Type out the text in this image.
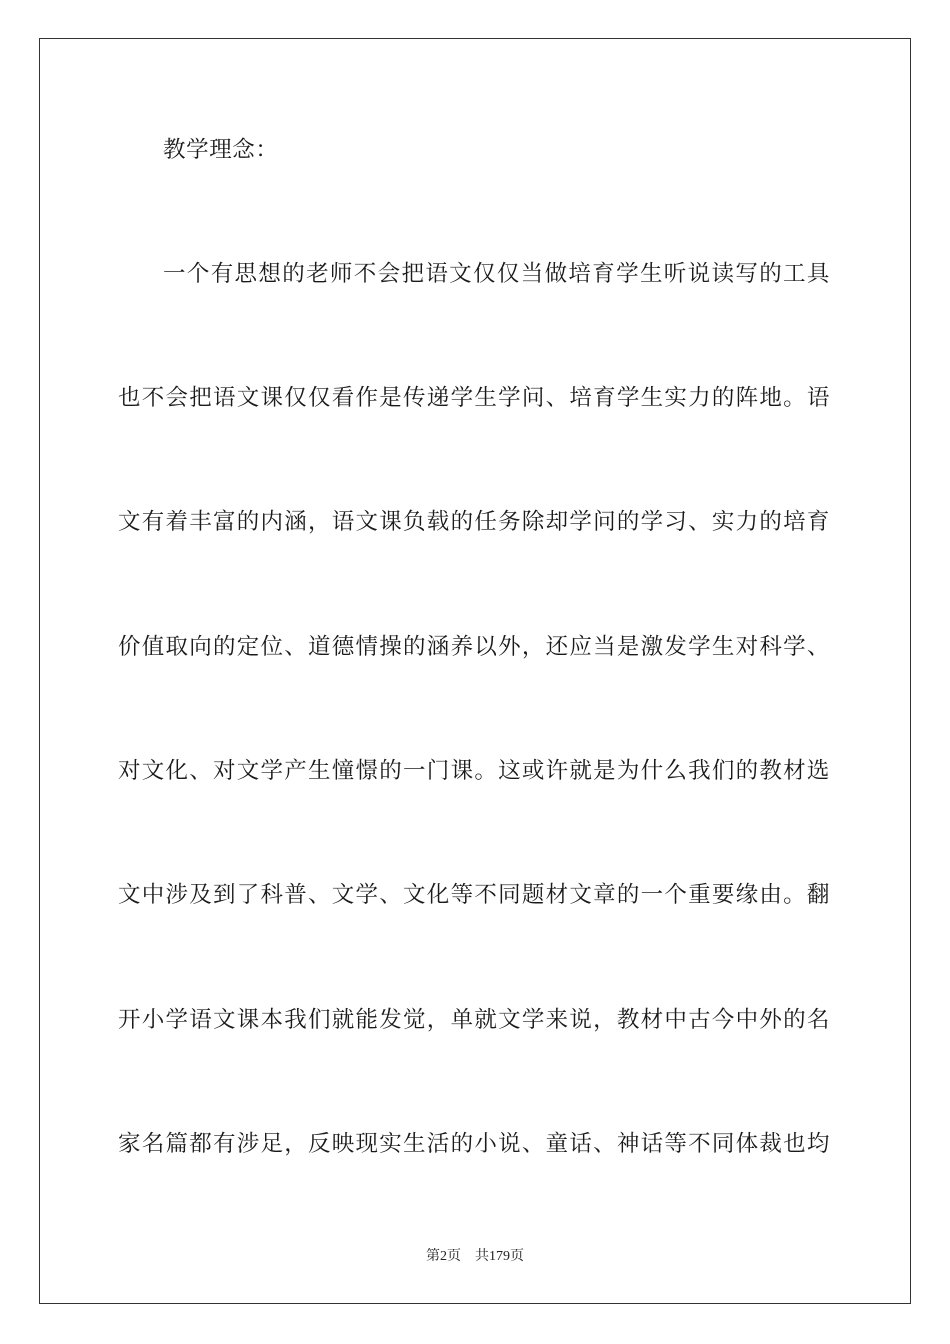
教学理念：
一个有思想的老师不会把语文仅仅当做培育学生听说读写的工具
也不会把语文课仅仅看作是传递学生学问、培育学生实力的阵地。语
文有着丰富的内涵，语文课负载的任务除却学问的学习、实力的培育
价值取向的定位、道德情操的涵养以外，还应当是激发学生对科学、
对文化、对文学产生憧憬的一门课。这或许就是为什么我们的教材选
文中涉及到了科普、文学、文化等不同题材文章的一个重要缘由。翻
开小学语文课本我们就能发觉，单就文学来说，教材中古今中外的名
家名篇都有涉足，反映现实生活的小说、童话、神话等不同体裁也均
第2页 共179页
